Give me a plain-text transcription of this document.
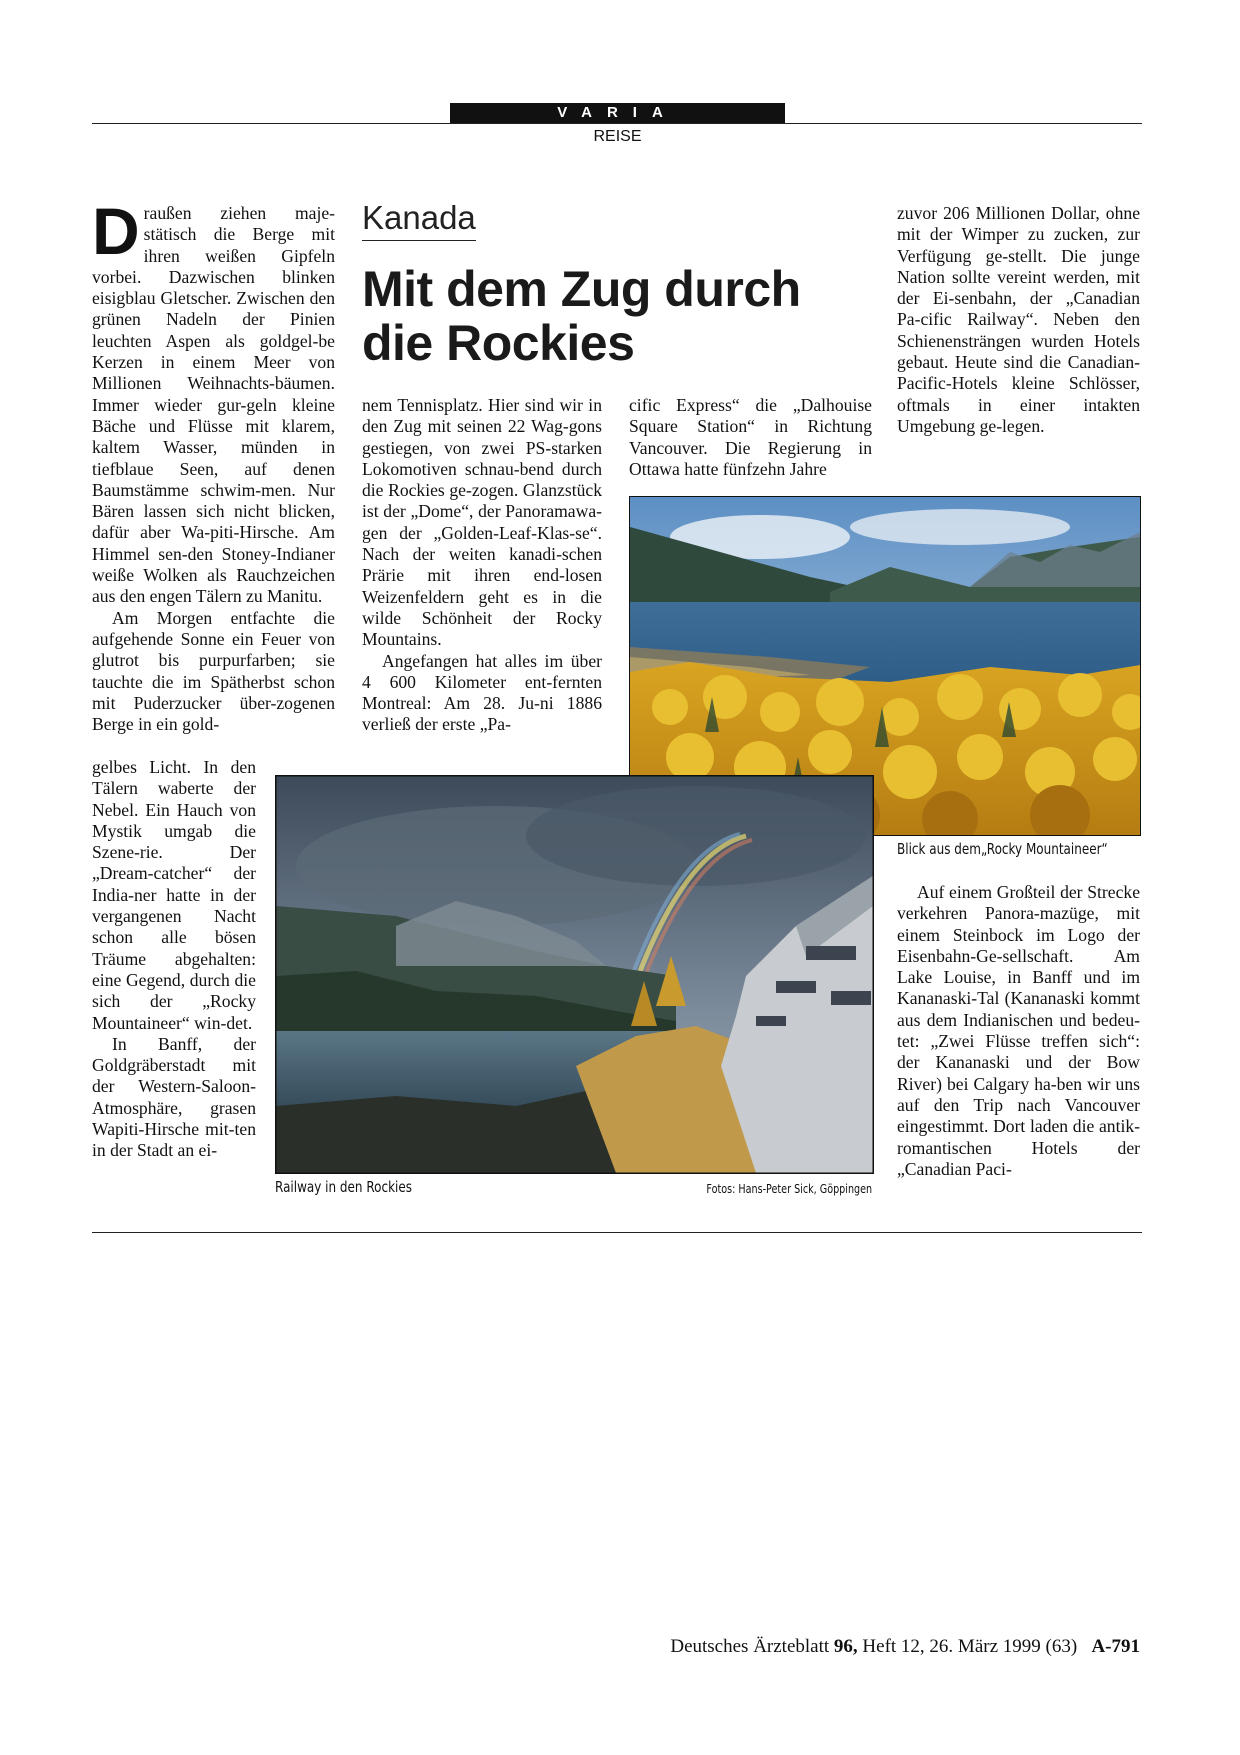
VARIA
REISE

Draußen ziehen maje-stätisch die Berge mit ihren weißen Gipfeln vorbei. Dazwischen blinken eisigblau Gletscher. Zwischen den grünen Nadeln der Pinien leuchten Aspen als goldgel-be Kerzen in einem Meer von Millionen Weihnachts-bäumen. Immer wieder gur-geln kleine Bäche und Flüsse mit klarem, kaltem Wasser, münden in tiefblaue Seen, auf denen Baumstämme schwim-men. Nur Bären lassen sich nicht blicken, dafür aber Wa-piti-Hirsche. Am Himmel sen-den Stoney-Indianer weiße Wolken als Rauchzeichen aus den engen Tälern zu Manitu.

Am Morgen entfachte die aufgehende Sonne ein Feuer von glutrot bis purpurfarben; sie tauchte die im Spätherbst schon mit Puderzucker über-zogenen Berge in ein gold-

gelbes Licht. In den Tälern waberte der Nebel. Ein Hauch von Mystik umgab die Szene-rie. Der „Dream-catcher“ der India-ner hatte in der vergangenen Nacht schon alle bösen Träume abgehalten: eine Gegend, durch die sich der „Rocky Mountaineer“ win-det.

In Banff, der Goldgräberstadt mit der Western-Saloon-Atmosphäre, grasen Wapiti-Hirsche mit-ten in der Stadt an ei-

Kanada
Mit dem Zug durch die Rockies

nem Tennisplatz. Hier sind wir in den Zug mit seinen 22 Wag-gons gestiegen, von zwei PS-starken Lokomotiven schnau-bend durch die Rockies ge-zogen. Glanzstück ist der „Dome“, der Panoramawa-gen der „Golden-Leaf-Klas-se“. Nach der weiten kanadi-schen Prärie mit ihren end-losen Weizenfeldern geht es in die wilde Schönheit der Rocky Mountains.

Angefangen hat alles im über 4 600 Kilometer ent-fernten Montreal: Am 28. Ju-ni 1886 verließ der erste „Pa-

cific Express“ die „Dalhouise Square Station“ in Richtung Vancouver. Die Regierung in Ottawa hatte fünfzehn Jahre

zuvor 206 Millionen Dollar, ohne mit der Wimper zu zucken, zur Verfügung ge-stellt. Die junge Nation sollte vereint werden, mit der Ei-senbahn, der „Canadian Pa-cific Railway“. Neben den Schienensträngen wurden Hotels gebaut. Heute sind die Canadian-Pacific-Hotels kleine Schlösser, oftmals in einer intakten Umgebung ge-legen.

Auf einem Großteil der Strecke verkehren Panora-mazüge, mit einem Steinbock im Logo der Eisenbahn-Ge-sellschaft. Am Lake Louise, in Banff und im Kananaski-Tal (Kananaski kommt aus dem Indianischen und bedeu-tet: „Zwei Flüsse treffen sich“: der Kananaski und der Bow River) bei Calgary ha-ben wir uns auf den Trip nach Vancouver eingestimmt. Dort laden die antik-romantischen Hotels der „Canadian Paci-

Blick aus dem„Rocky Mountaineer“
Railway in den Rockies	Fotos: Hans-Peter Sick, Göppingen
Deutsches Ärzteblatt 96, Heft 12, 26. März 1999 (63) A-791
